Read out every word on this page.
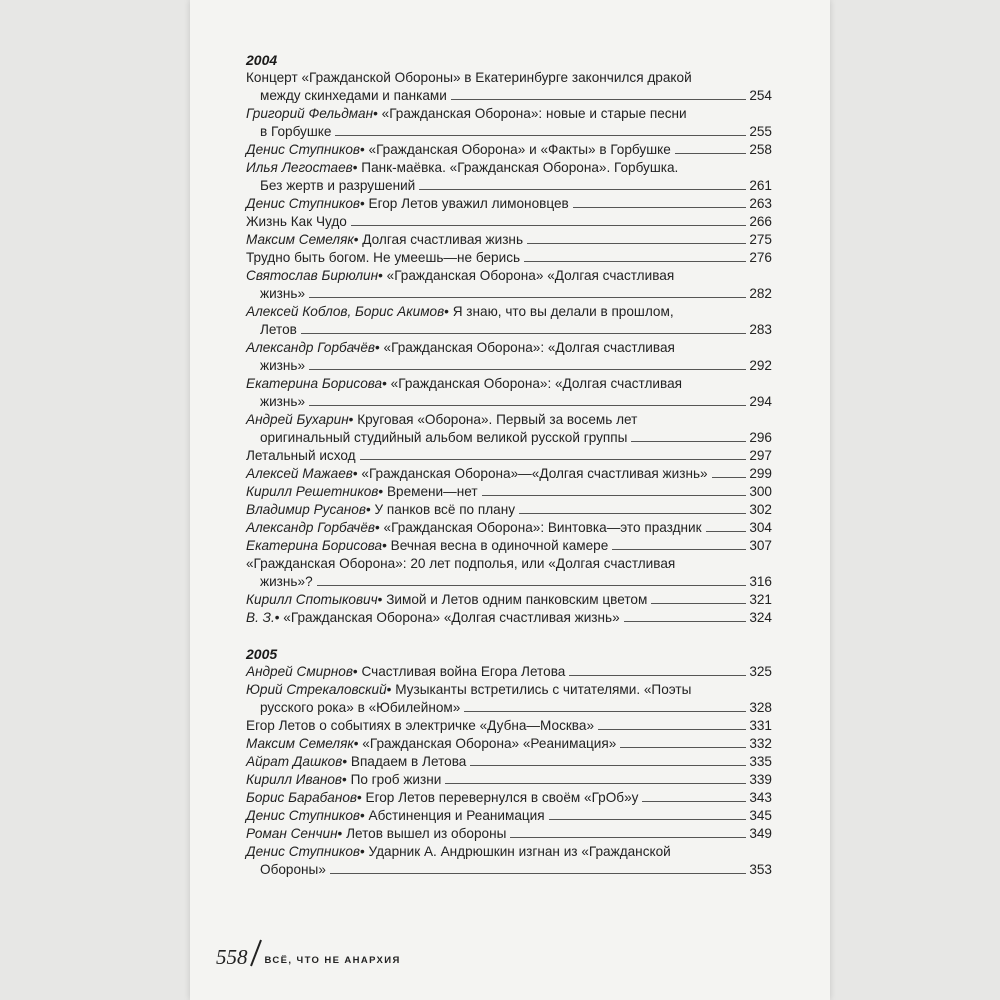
2004
Концерт «Гражданской Обороны» в Екатеринбурге закончился дракой
между скинхедами и панками	254
Григорий Фельдман • «Гражданская Оборона»: новые и старые песни
в Горбушке	255
Денис Ступников • «Гражданская Оборона» и «Факты» в Горбушке	258
Илья Легостаев • Панк-маёвка. «Гражданская Оборона». Горбушка.
Без жертв и разрушений	261
Денис Ступников • Егор Летов уважил лимоновцев	263
Жизнь Как Чудо	266
Максим Семеляк • Долгая счастливая жизнь	275
Трудно быть богом. Не умеешь—не берись	276
Святослав Бирюлин • «Гражданская Оборона» «Долгая счастливая
жизнь»	282
Алексей Коблов, Борис Акимов • Я знаю, что вы делали в прошлом,
Летов	283
Александр Горбачёв • «Гражданская Оборона»: «Долгая счастливая
жизнь»	292
Екатерина Борисова • «Гражданская Оборона»: «Долгая счастливая
жизнь»	294
Андрей Бухарин • Круговая «Оборона». Первый за восемь лет
оригинальный студийный альбом великой русской группы	296
Летальный исход	297
Алексей Мажаев • «Гражданская Оборона»—«Долгая счастливая жизнь»	299
Кирилл Решетников • Времени—нет	300
Владимир Русанов • У панков всё по плану	302
Александр Горбачёв • «Гражданская Оборона»: Винтовка—это праздник	304
Екатерина Борисова • Вечная весна в одиночной камере	307
«Гражданская Оборона»: 20 лет подполья, или «Долгая счастливая
жизнь»?	316
Кирилл Спотыкович • Зимой и Летов одним панковским цветом	321
В. З. • «Гражданская Оборона» «Долгая счастливая жизнь»	324
2005
Андрей Смирнов • Счастливая война Егора Летова	325
Юрий Стрекаловский • Музыканты встретились с читателями. «Поэты
русского рока» в «Юбилейном»	328
Егор Летов о событиях в электричке «Дубна—Москва»	331
Максим Семеляк • «Гражданская Оборона» «Реанимация»	332
Айрат Дашков • Впадаем в Летова	335
Кирилл Иванов • По гроб жизни	339
Борис Барабанов • Егор Летов перевернулся в своём «ГрОб»у	343
Денис Ступников • Абстиненция и Реанимация	345
Роман Сенчин • Летов вышел из обороны	349
Денис Ступников • Ударник А. Андрюшкин изгнан из «Гражданской
Обороны»	353
558 ВСЁ, ЧТО НЕ АНАРХИЯ
